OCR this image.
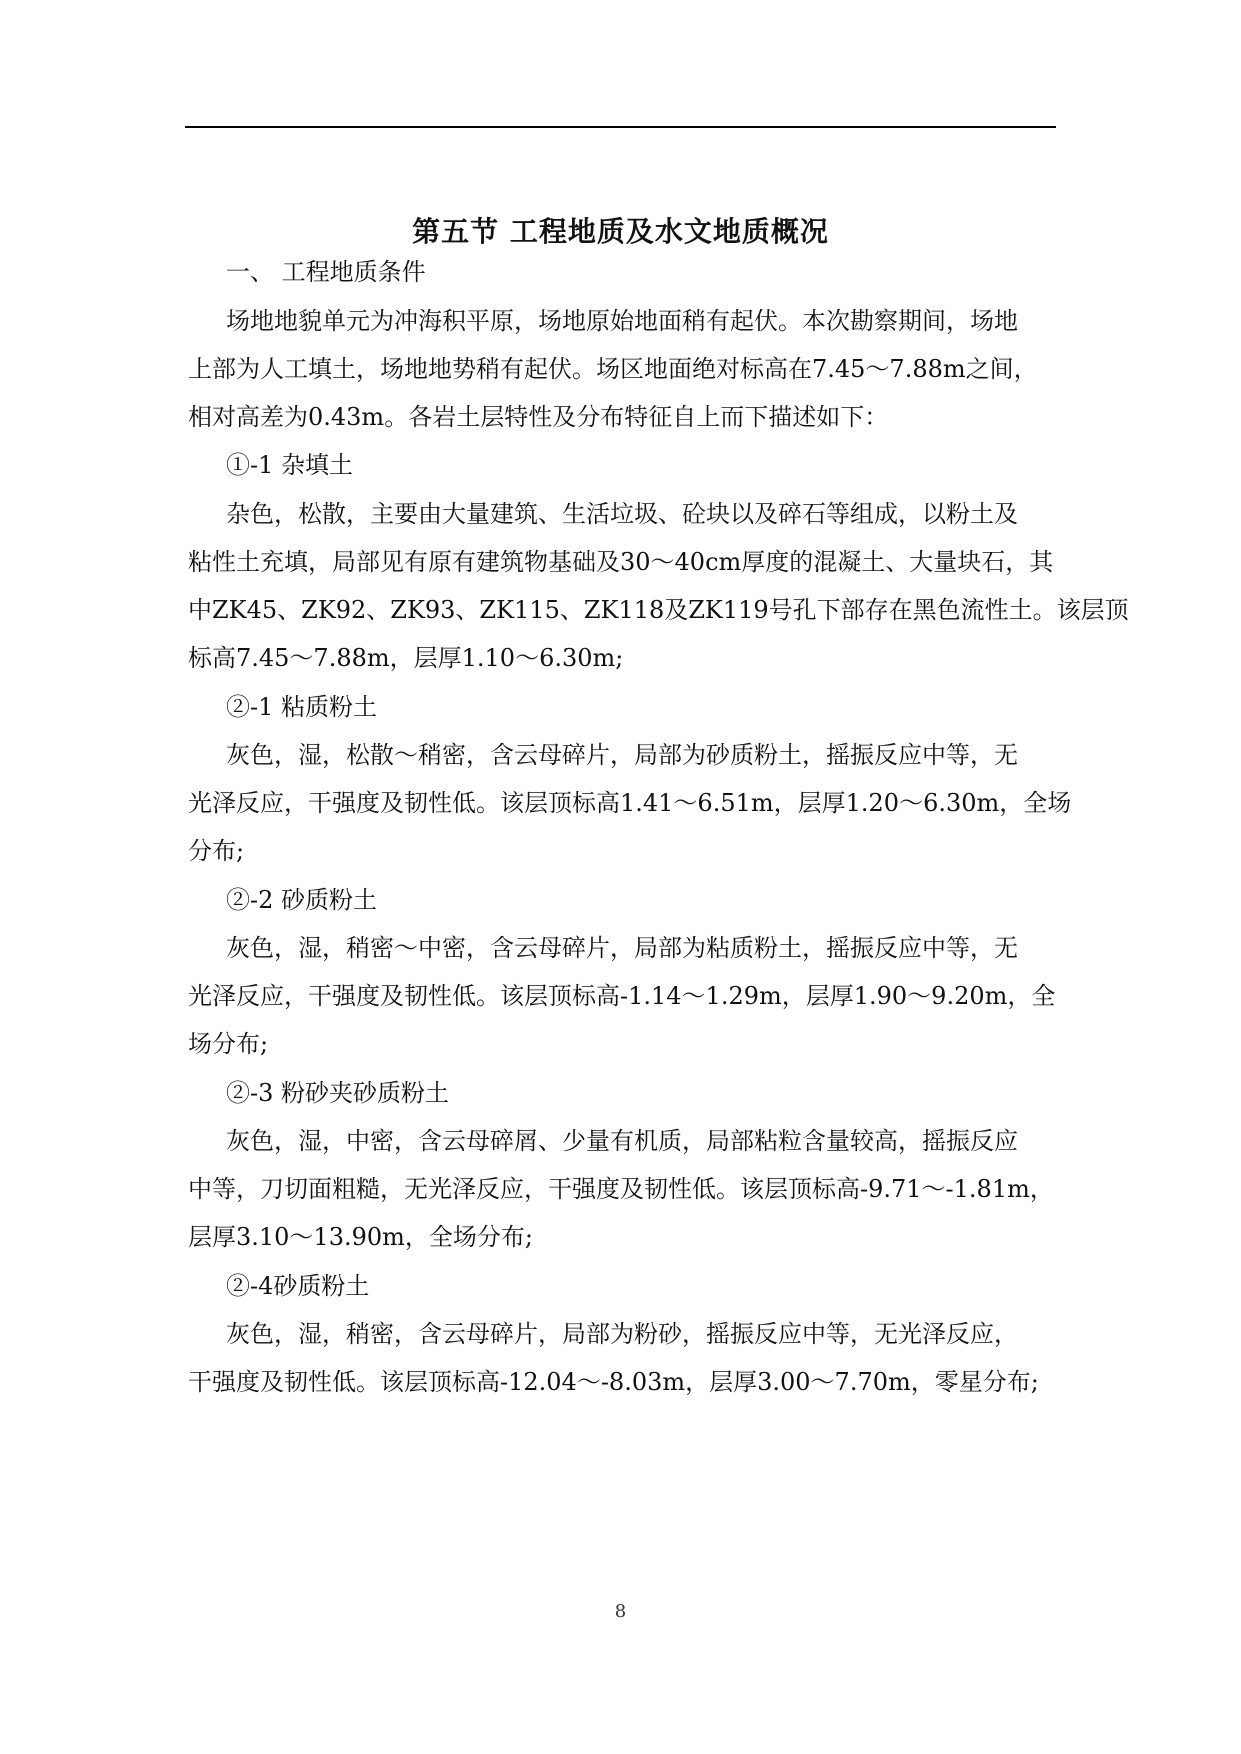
第五节 工程地质及水文地质概况
一、 工程地质条件
场地地貌单元为冲海积平原，场地原始地面稍有起伏。本次勘察期间，场地
上部为人工填土，场地地势稍有起伏。场区地面绝对标高在7.45～7.88m之间，
相对高差为0.43m。各岩土层特性及分布特征自上而下描述如下：
①-1 杂填土
杂色，松散，主要由大量建筑、生活垃圾、砼块以及碎石等组成，以粉土及
粘性土充填，局部见有原有建筑物基础及30～40cm厚度的混凝土、大量块石，其
中ZK45、ZK92、ZK93、ZK115、ZK118及ZK119号孔下部存在黑色流性土。该层顶
标高7.45～7.88m，层厚1.10～6.30m;
②-1 粘质粉土
灰色，湿，松散～稍密，含云母碎片，局部为砂质粉土，摇振反应中等，无
光泽反应，干强度及韧性低。该层顶标高1.41～6.51m，层厚1.20～6.30m，全场
分布;
②-2 砂质粉土
灰色，湿，稍密～中密，含云母碎片，局部为粘质粉土，摇振反应中等，无
光泽反应，干强度及韧性低。该层顶标高-1.14～1.29m，层厚1.90～9.20m，全
场分布;
②-3 粉砂夹砂质粉土
灰色，湿，中密，含云母碎屑、少量有机质，局部粘粒含量较高，摇振反应
中等，刀切面粗糙，无光泽反应，干强度及韧性低。该层顶标高-9.71～-1.81m，
层厚3.10～13.90m，全场分布;
②-4砂质粉土
灰色，湿，稍密，含云母碎片，局部为粉砂，摇振反应中等，无光泽反应，
干强度及韧性低。该层顶标高-12.04～-8.03m，层厚3.00～7.70m，零星分布;
8
